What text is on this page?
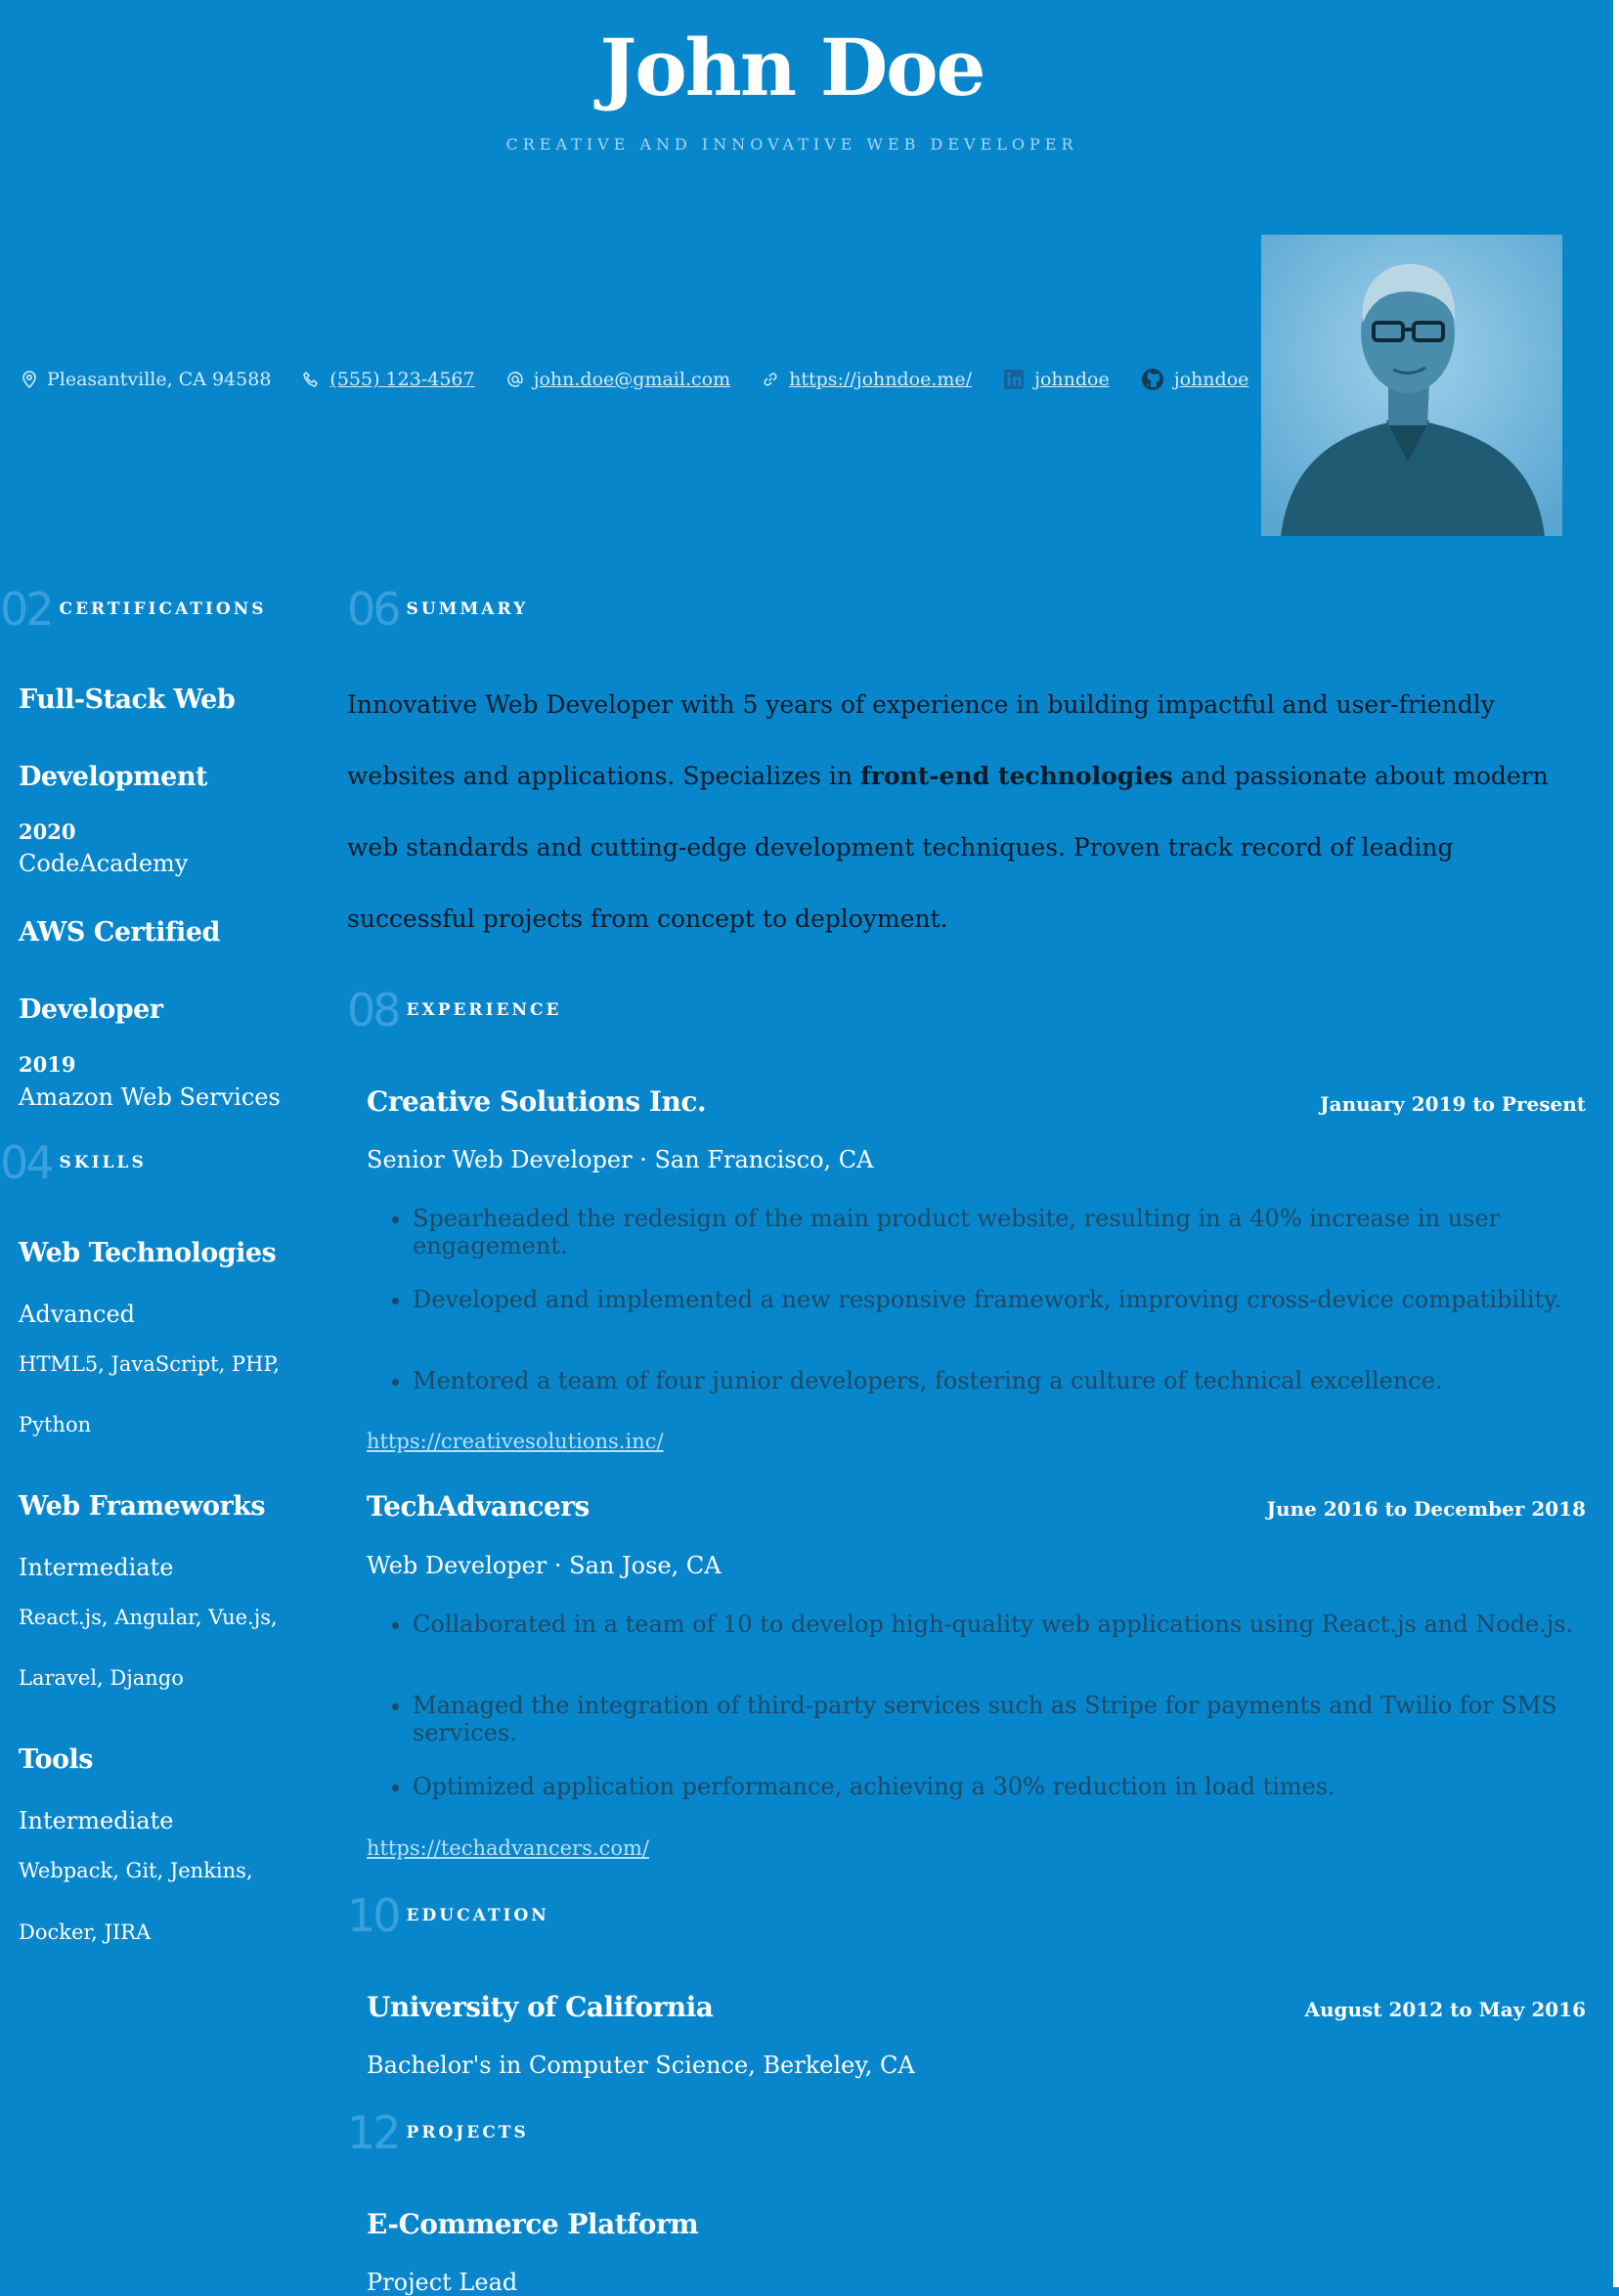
John Doe
CREATIVE AND INNOVATIVE WEB DEVELOPER
Pleasantville, CA 94588	(555) 123-4567	john.doe@gmail.com	https://johndoe.me/	johndoe	johndoe
02 CERTIFICATIONS
Full-Stack Web
Development
2020
CodeAcademy
AWS Certified
Developer
2019
Amazon Web Services
04 SKILLS
Web Technologies
Advanced
HTML5, JavaScript, PHP,
Python
Web Frameworks
Intermediate
React.js, Angular, Vue.js,
Laravel, Django
Tools
Intermediate
Webpack, Git, Jenkins,
Docker, JIRA
06 SUMMARY
Innovative Web Developer with 5 years of experience in building impactful and user-friendly websites and applications. Specializes in front-end technologies and passionate about modern web standards and cutting-edge development techniques. Proven track record of leading successful projects from concept to deployment.
08 EXPERIENCE
Creative Solutions Inc.	January 2019 to Present
Senior Web Developer · San Francisco, CA
• Spearheaded the redesign of the main product website, resulting in a 40% increase in user engagement.
• Developed and implemented a new responsive framework, improving cross-device compatibility.
• Mentored a team of four junior developers, fostering a culture of technical excellence.
https://creativesolutions.inc/
TechAdvancers	June 2016 to December 2018
Web Developer · San Jose, CA
• Collaborated in a team of 10 to develop high-quality web applications using React.js and Node.js.
• Managed the integration of third-party services such as Stripe for payments and Twilio for SMS services.
• Optimized application performance, achieving a 30% reduction in load times.
https://techadvancers.com/
10 EDUCATION
University of California	August 2012 to May 2016
Bachelor's in Computer Science, Berkeley, CA
12 PROJECTS
E-Commerce Platform
Project Lead
